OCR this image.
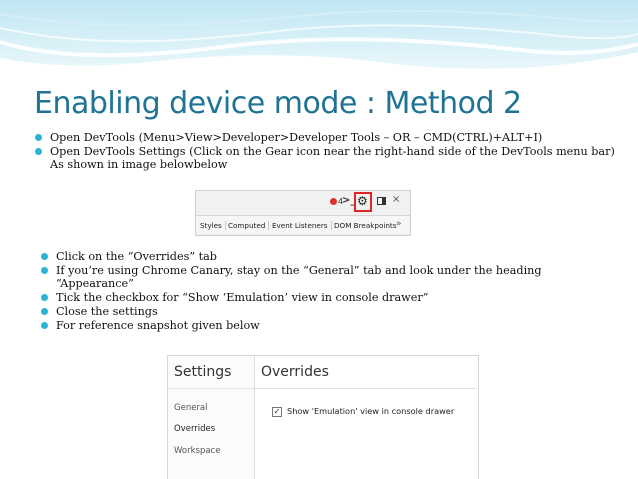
Enabling device mode : Method 2
Open DevTools (Menu>View>Developer>Developer Tools – OR – CMD(CTRL)+ALT+I)
Open DevTools Settings (Click on the Gear icon near the right-hand side of the DevTools menu bar) As shown in image belowbelow
4
>_ ⚙ ×
Styles Computed Event Listeners DOM Breakpoints »
Click on the “Overrides” tab
If you’re using Chrome Canary, stay on the “General” tab and look under the heading “Appearance”
Tick the checkbox for “Show ‘Emulation’ view in console drawer”
Close the settings
For reference snapshot given below
Settings
General
Overrides
Workspace
Overrides
✓ Show 'Emulation' view in console drawer
